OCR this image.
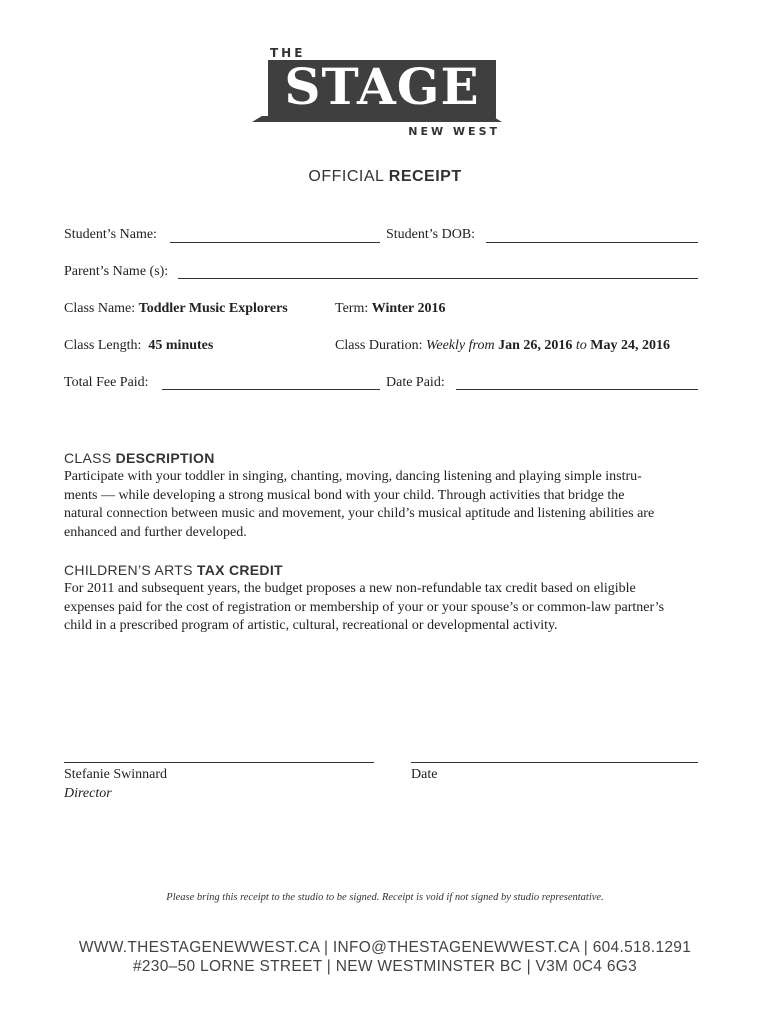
THE
STAGE
NEW WEST
OFFICIAL RECEIPT
Student’s Name:	Student’s DOB:
Parent’s Name (s):
Class Name: Toddler Music Explorers	Term: Winter 2016
Class Length: 45 minutes	Class Duration: Weekly from Jan 26, 2016 to May 24, 2016
Total Fee Paid:	Date Paid:
CLASS DESCRIPTION
Participate with your toddler in singing, chanting, moving, dancing listening and playing simple instru-
ments — while developing a strong musical bond with your child. Through activities that bridge the
natural connection between music and movement, your child’s musical aptitude and listening abilities are
enhanced and further developed.
CHILDREN’S ARTS TAX CREDIT
For 2011 and subsequent years, the budget proposes a new non-refundable tax credit based on eligible
expenses paid for the cost of registration or membership of your or your spouse’s or common-law partner’s
child in a prescribed program of artistic, cultural, recreational or developmental activity.
Stefanie Swinnard
Director
Date
Please bring this receipt to the studio to be signed. Receipt is void if not signed by studio representative.
WWW.THESTAGENEWWEST.CA | INFO@THESTAGENEWWEST.CA | 604.518.1291
#230–50 LORNE STREET | NEW WESTMINSTER BC | V3M 0C4 6G3
